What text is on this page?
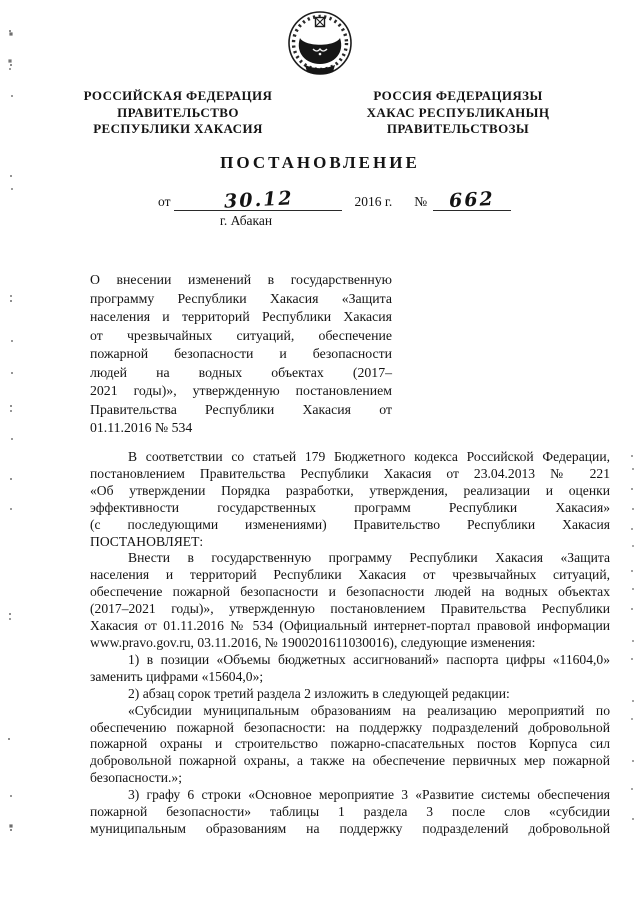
РОССИЙСКАЯ ФЕДЕРАЦИЯ
ПРАВИТЕЛЬСТВО
РЕСПУБЛИКИ ХАКАСИЯ
РОССИЯ ФЕДЕРАЦИЯЗЫ
ХАКАС РЕСПУБЛИКАНЫҢ
ПРАВИТЕЛЬСТВОЗЫ
ПОСТАНОВЛЕНИЕ
от	30.12	2016 г. №	662
г. Абакан
О внесении изменений в государственную
программу Республики Хакасия «Защита
населения и территорий Республики Хакасия
от чрезвычайных ситуаций, обеспечение
пожарной безопасности и безопасности
людей на водных объектах (2017–
2021 годы)», утвержденную постановлением
Правительства Республики Хакасия от
01.11.2016 № 534
В соответствии со статьей 179 Бюджетного кодекса Российской Федерации,
постановлением Правительства Республики Хакасия от 23.04.2013 № 221
«Об утверждении Порядка разработки, утверждения, реализации и оценки
эффективности государственных программ Республики Хакасия»
(с последующими изменениями) Правительство Республики Хакасия
ПОСТАНОВЛЯЕТ:
Внести в государственную программу Республики Хакасия «Защита
населения и территорий Республики Хакасия от чрезвычайных ситуаций,
обеспечение пожарной безопасности и безопасности людей на водных объектах
(2017–2021 годы)», утвержденную постановлением Правительства Республики
Хакасия от 01.11.2016 № 534 (Официальный интернет-портал правовой информации
www.pravo.gov.ru, 03.11.2016, № 1900201611030016), следующие изменения:
1) в позиции «Объемы бюджетных ассигнований» паспорта цифры «11604,0»
заменить цифрами «15604,0»;
2) абзац сорок третий раздела 2 изложить в следующей редакции:
«Субсидии муниципальным образованиям на реализацию мероприятий по
обеспечению пожарной безопасности: на поддержку подразделений добровольной
пожарной охраны и строительство пожарно-спасательных постов Корпуса сил
добровольной пожарной охраны, а также на обеспечение первичных мер пожарной
безопасности.»;
3) графу 6 строки «Основное мероприятие 3 «Развитие системы обеспечения
пожарной безопасности» таблицы 1 раздела 3 после слов «субсидии
муниципальным образованиям на поддержку подразделений добровольной
